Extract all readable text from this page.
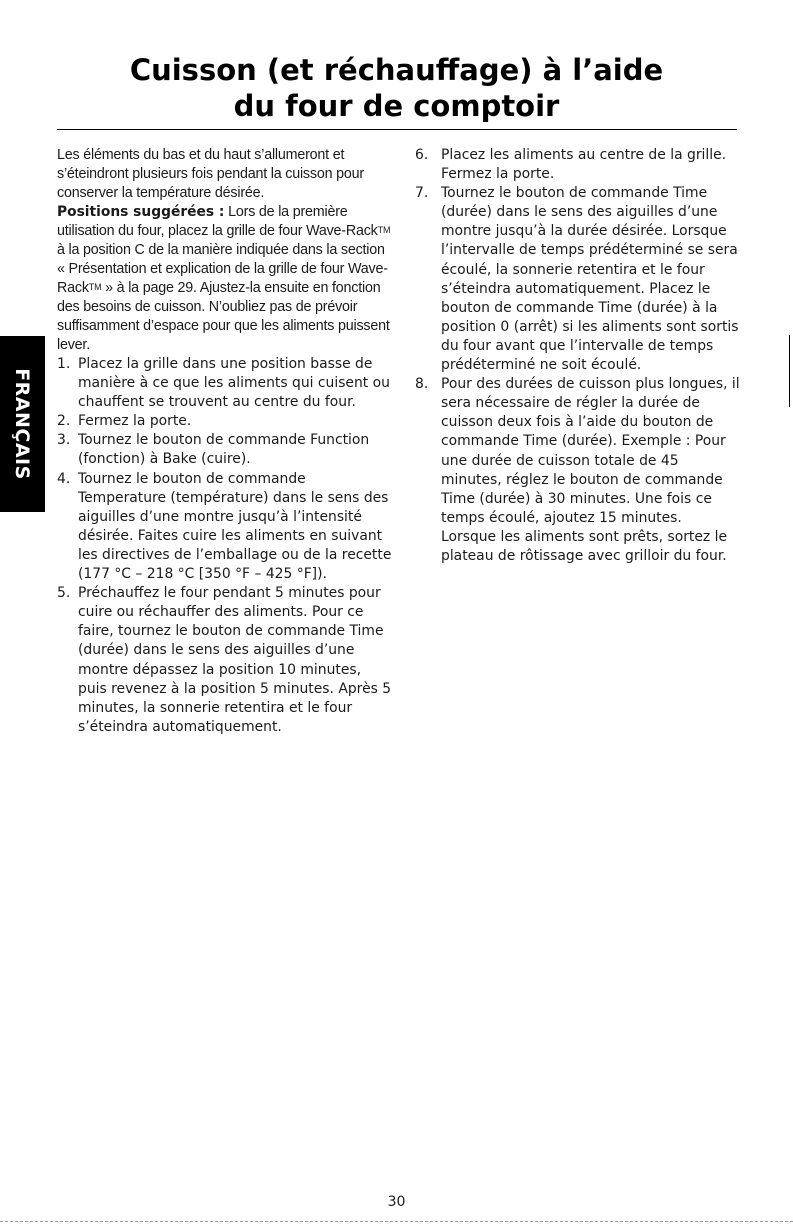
Cuisson (et réchauffage) à l’aide
du four de comptoir
FRANÇAIS

Les éléments du bas et du haut s’allumeront et s’éteindront plusieurs fois pendant la cuisson pour conserver la température désirée.

Positions suggérées : Lors de la première utilisation du four, placez la grille de four Wave-Rack™ à la position C de la manière indiquée dans la section « Présentation et explication de la grille de four Wave-Rack™ » à la page 29. Ajustez-la ensuite en fonction des besoins de cuisson. N’oubliez pas de prévoir suffisamment d’espace pour que les aliments puissent lever.

1. Placez la grille dans une position basse de manière à ce que les aliments qui cuisent ou chauffent se trouvent au centre du four.
2. Fermez la porte.
3. Tournez le bouton de commande Function (fonction) à Bake (cuire).
4. Tournez le bouton de commande Temperature (température) dans le sens des aiguilles d’une montre jusqu’à l’intensité désirée. Faites cuire les aliments en suivant les directives de l’emballage ou de la recette (177 °C – 218 °C [350 °F – 425 °F]).
5. Préchauffez le four pendant 5 minutes pour cuire ou réchauffer des aliments. Pour ce faire, tournez le bouton de commande Time (durée) dans le sens des aiguilles d’une montre dépassez la position 10 minutes, puis revenez à la position 5 minutes. Après 5 minutes, la sonnerie retentira et le four s’éteindra automatiquement.
6. Placez les aliments au centre de la grille. Fermez la porte.
7. Tournez le bouton de commande Time (durée) dans le sens des aiguilles d’une montre jusqu’à la durée désirée. Lorsque l’intervalle de temps prédéterminé se sera écoulé, la sonnerie retentira et le four s’éteindra automatiquement. Placez le bouton de commande Time (durée) à la position 0 (arrêt) si les aliments sont sortis du four avant que l’intervalle de temps prédéterminé ne soit écoulé.
8. Pour des durées de cuisson plus longues, il sera nécessaire de régler la durée de cuisson deux fois à l’aide du bouton de commande Time (durée). Exemple : Pour une durée de cuisson totale de 45 minutes, réglez le bouton de commande Time (durée) à 30 minutes. Une fois ce temps écoulé, ajoutez 15 minutes. Lorsque les aliments sont prêts, sortez le plateau de rôtissage avec grilloir du four.
30
